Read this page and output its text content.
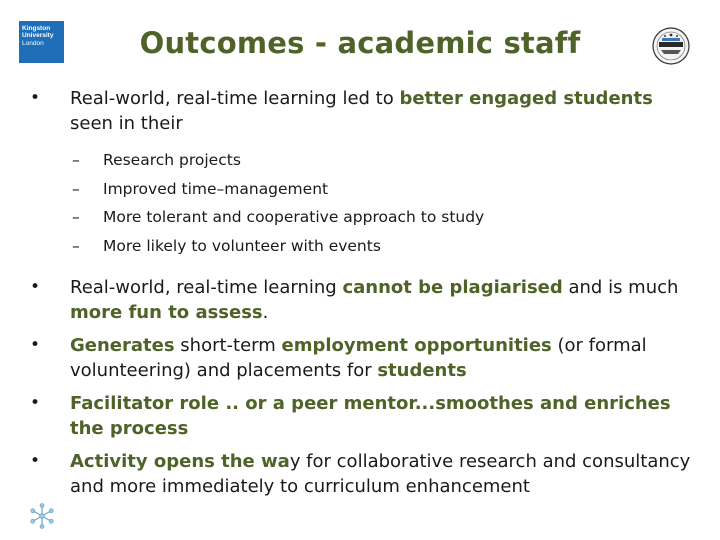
Kingston
University
London	Outcomes - academic staff
•	Real-world, real-time learning led to better engaged students seen in their
– Research projects
– Improved time–management
– More tolerant and cooperative approach to study
– More likely to volunteer with events
•	Real-world, real-time learning cannot be plagiarised and is much more fun to assess.
•	Generates short-term employment opportunities (or formal volunteering) and placements for students
•	Facilitator role .. or a peer mentor...smoothes and enriches the process
•	Activity opens the way for collaborative research and consultancy and more immediately to curriculum enhancement
